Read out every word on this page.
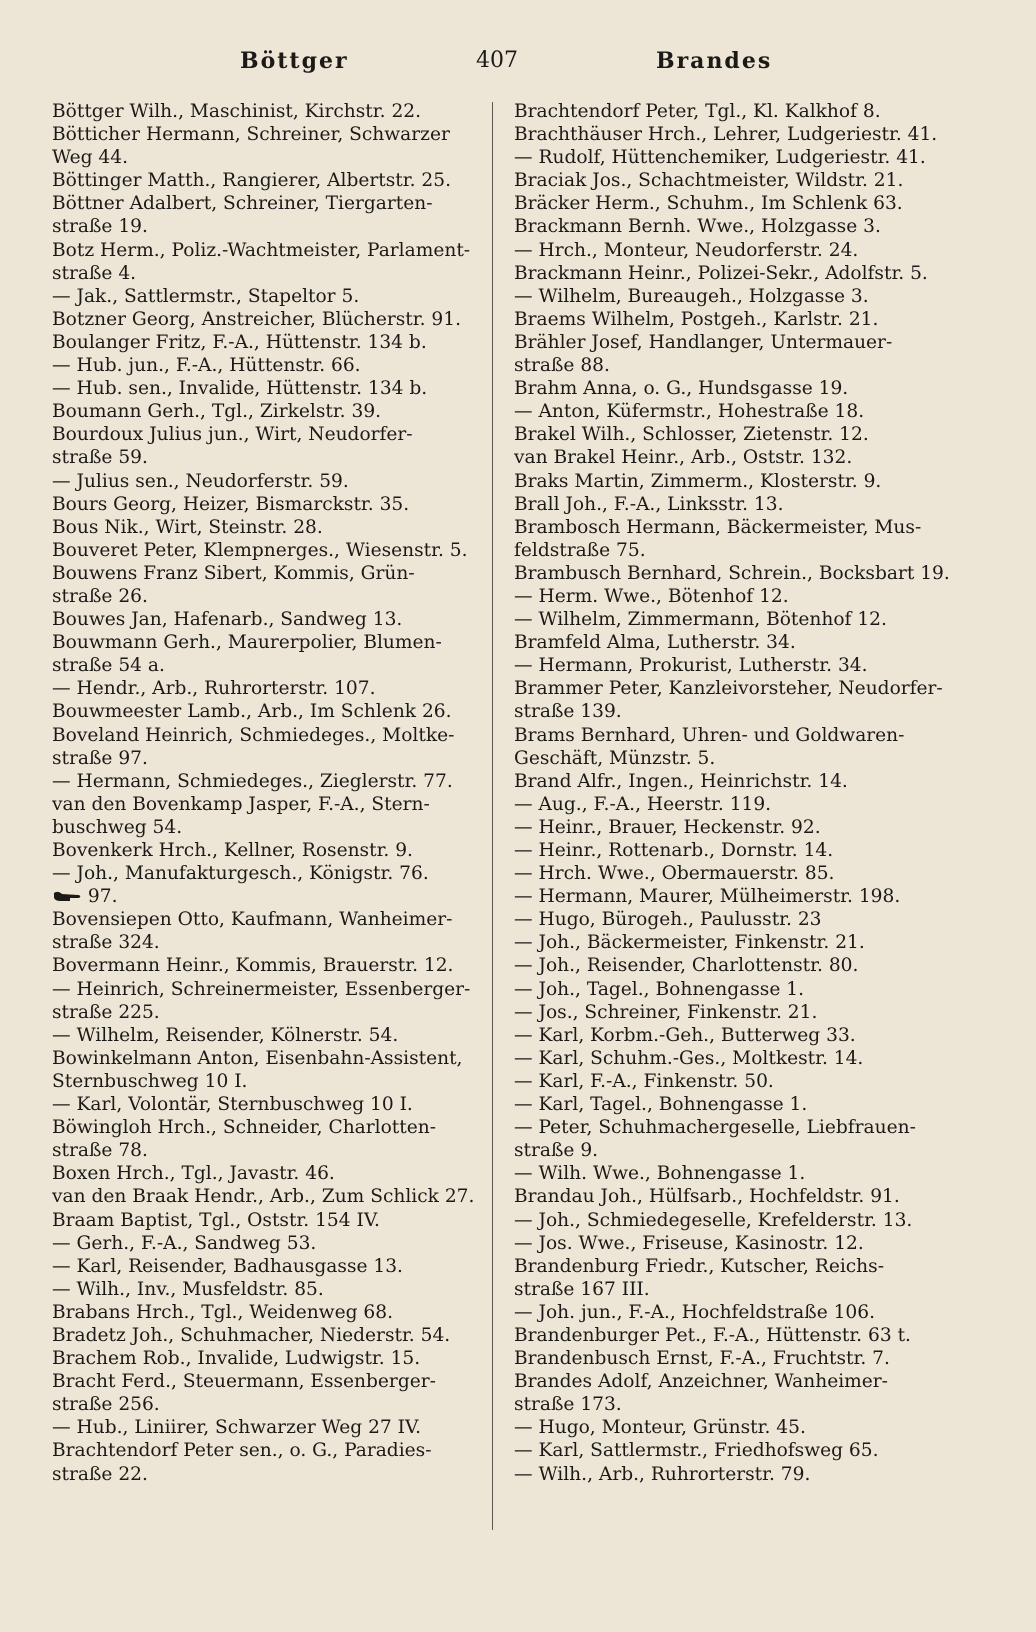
Böttger	407	Brandes

Böttger Wilh., Maschinist, Kirchstr. 22.

Bötticher Hermann, Schreiner, Schwarzer

Weg 44.

Böttinger Matth., Rangierer, Albertstr. 25.

Böttner Adalbert, Schreiner, Tiergarten-

straße 19.

Botz Herm., Poliz.-Wachtmeister, Parlament-

straße 4.

— Jak., Sattlermstr., Stapeltor 5.

Botzner Georg, Anstreicher, Blücherstr. 91.

Boulanger Fritz, F.-A., Hüttenstr. 134 b.

— Hub. jun., F.-A., Hüttenstr. 66.

— Hub. sen., Invalide, Hüttenstr. 134 b.

Boumann Gerh., Tgl., Zirkelstr. 39.

Bourdoux Julius jun., Wirt, Neudorfer-

straße 59.

— Julius sen., Neudorferstr. 59.

Bours Georg, Heizer, Bismarckstr. 35.

Bous Nik., Wirt, Steinstr. 28.

Bouveret Peter, Klempnerges., Wiesenstr. 5.

Bouwens Franz Sibert, Kommis, Grün-

straße 26.

Bouwes Jan, Hafenarb., Sandweg 13.

Bouwmann Gerh., Maurerpolier, Blumen-

straße 54 a.

— Hendr., Arb., Ruhrorterstr. 107.

Bouwmeester Lamb., Arb., Im Schlenk 26.

Boveland Heinrich, Schmiedeges., Moltke-

straße 97.

— Hermann, Schmiedeges., Zieglerstr. 77.

van den Bovenkamp Jasper, F.-A., Stern-

buschweg 54.

Bovenkerk Hrch., Kellner, Rosenstr. 9.

— Joh., Manufakturgesch., Königstr. 76.

97.

Bovensiepen Otto, Kaufmann, Wanheimer-

straße 324.

Bovermann Heinr., Kommis, Brauerstr. 12.

— Heinrich, Schreinermeister, Essenberger-

straße 225.

— Wilhelm, Reisender, Kölnerstr. 54.

Bowinkelmann Anton, Eisenbahn-Assistent,

Sternbuschweg 10 I.

— Karl, Volontär, Sternbuschweg 10 I.

Böwingloh Hrch., Schneider, Charlotten-

straße 78.

Boxen Hrch., Tgl., Javastr. 46.

van den Braak Hendr., Arb., Zum Schlick 27.

Braam Baptist, Tgl., Oststr. 154 IV.

— Gerh., F.-A., Sandweg 53.

— Karl, Reisender, Badhausgasse 13.

— Wilh., Inv., Musfeldstr. 85.

Brabans Hrch., Tgl., Weidenweg 68.

Bradetz Joh., Schuhmacher, Niederstr. 54.

Brachem Rob., Invalide, Ludwigstr. 15.

Bracht Ferd., Steuermann, Essenberger-

straße 256.

— Hub., Liniirer, Schwarzer Weg 27 IV.

Brachtendorf Peter sen., o. G., Paradies-

straße 22.

Brachtendorf Peter, Tgl., Kl. Kalkhof 8.

Brachthäuser Hrch., Lehrer, Ludgeriestr. 41.

— Rudolf, Hüttenchemiker, Ludgeriestr. 41.

Braciak Jos., Schachtmeister, Wildstr. 21.

Bräcker Herm., Schuhm., Im Schlenk 63.

Brackmann Bernh. Wwe., Holzgasse 3.

— Hrch., Monteur, Neudorferstr. 24.

Brackmann Heinr., Polizei-Sekr., Adolfstr. 5.

— Wilhelm, Bureaugeh., Holzgasse 3.

Braems Wilhelm, Postgeh., Karlstr. 21.

Brähler Josef, Handlanger, Untermauer-

straße 88.

Brahm Anna, o. G., Hundsgasse 19.

— Anton, Küfermstr., Hohestraße 18.

Brakel Wilh., Schlosser, Zietenstr. 12.

van Brakel Heinr., Arb., Oststr. 132.

Braks Martin, Zimmerm., Klosterstr. 9.

Brall Joh., F.-A., Linksstr. 13.

Brambosch Hermann, Bäckermeister, Mus-

feldstraße 75.

Brambusch Bernhard, Schrein., Bocksbart 19.

— Herm. Wwe., Bötenhof 12.

— Wilhelm, Zimmermann, Bötenhof 12.

Bramfeld Alma, Lutherstr. 34.

— Hermann, Prokurist, Lutherstr. 34.

Brammer Peter, Kanzleivorsteher, Neudorfer-

straße 139.

Brams Bernhard, Uhren- und Goldwaren-

Geschäft, Münzstr. 5.

Brand Alfr., Ingen., Heinrichstr. 14.

— Aug., F.-A., Heerstr. 119.

— Heinr., Brauer, Heckenstr. 92.

— Heinr., Rottenarb., Dornstr. 14.

— Hrch. Wwe., Obermauerstr. 85.

— Hermann, Maurer, Mülheimerstr. 198.

— Hugo, Bürogeh., Paulusstr. 23

— Joh., Bäckermeister, Finkenstr. 21.

— Joh., Reisender, Charlottenstr. 80.

— Joh., Tagel., Bohnengasse 1.

— Jos., Schreiner, Finkenstr. 21.

— Karl, Korbm.-Geh., Butterweg 33.

— Karl, Schuhm.-Ges., Moltkestr. 14.

— Karl, F.-A., Finkenstr. 50.

— Karl, Tagel., Bohnengasse 1.

— Peter, Schuhmachergeselle, Liebfrauen-

straße 9.

— Wilh. Wwe., Bohnengasse 1.

Brandau Joh., Hülfsarb., Hochfeldstr. 91.

— Joh., Schmiedegeselle, Krefelderstr. 13.

— Jos. Wwe., Friseuse, Kasinostr. 12.

Brandenburg Friedr., Kutscher, Reichs-

straße 167 III.

— Joh. jun., F.-A., Hochfeldstraße 106.

Brandenburger Pet., F.-A., Hüttenstr. 63 t.

Brandenbusch Ernst, F.-A., Fruchtstr. 7.

Brandes Adolf, Anzeichner, Wanheimer-

straße 173.

— Hugo, Monteur, Grünstr. 45.

— Karl, Sattlermstr., Friedhofsweg 65.

— Wilh., Arb., Ruhrorterstr. 79.
